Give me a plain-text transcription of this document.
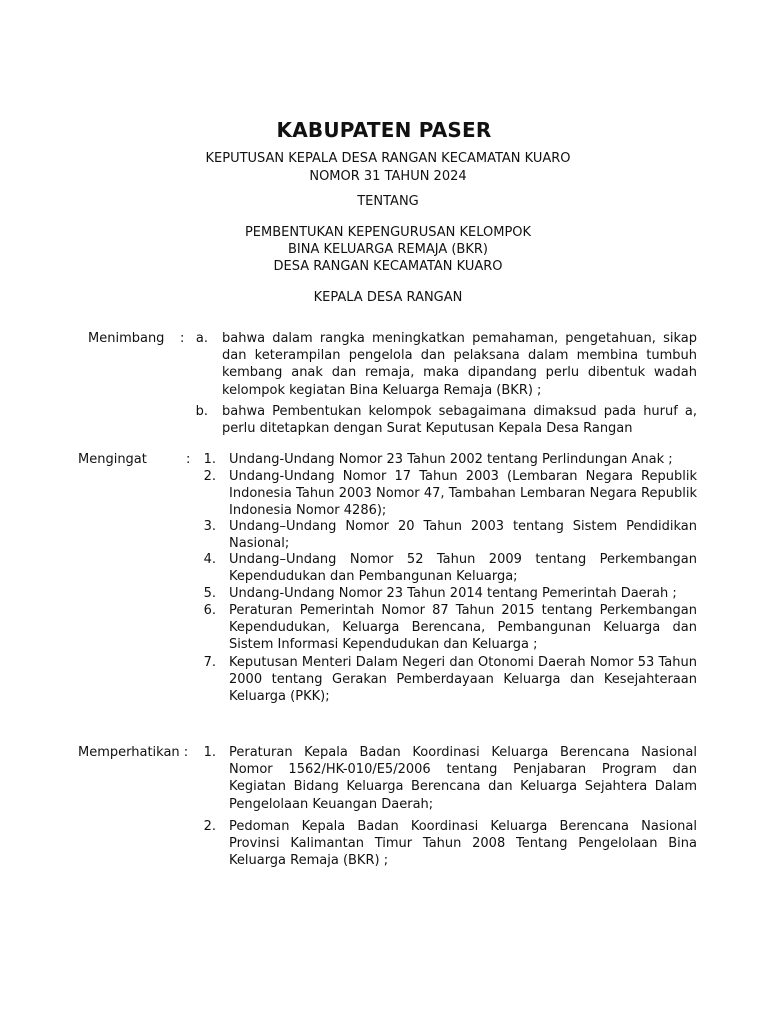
KABUPATEN PASER
KEPUTUSAN KEPALA DESA RANGAN KECAMATAN KUARO
NOMOR 31 TAHUN 2024
TENTANG
PEMBENTUKAN KEPENGURUSAN KELOMPOK
BINA KELUARGA REMAJA (BKR)
DESA RANGAN KECAMATAN KUARO
KEPALA DESA RANGAN
Menimbang : a. bahwa dalam rangka meningkatkan pemahaman, pengetahuan, sikap dan keterampilan pengelola dan pelaksana dalam membina tumbuh kembang anak dan remaja, maka dipandang perlu dibentuk wadah kelompok kegiatan Bina Keluarga Remaja (BKR) ;
b. bahwa Pembentukan kelompok sebagaimana dimaksud pada huruf a, perlu ditetapkan dengan Surat Keputusan Kepala Desa Rangan
Mengingat	:	1. Undang-Undang Nomor 23 Tahun 2002 tentang Perlindungan Anak ;
2. Undang-Undang Nomor 17 Tahun 2003 (Lembaran Negara Republik Indonesia Tahun 2003 Nomor 47, Tambahan Lembaran Negara Republik Indonesia Nomor 4286);
3. Undang–Undang Nomor 20 Tahun 2003 tentang Sistem Pendidikan Nasional;
4. Undang–Undang Nomor 52 Tahun 2009 tentang Perkembangan Kependudukan dan Pembangunan Keluarga;
5. Undang-Undang Nomor 23 Tahun 2014 tentang Pemerintah Daerah ;
6. Peraturan Pemerintah Nomor 87 Tahun 2015 tentang Perkembangan Kependudukan, Keluarga Berencana, Pembangunan Keluarga dan Sistem Informasi Kependudukan dan Keluarga ;
7. Keputusan Menteri Dalam Negeri dan Otonomi Daerah Nomor 53 Tahun 2000 tentang Gerakan Pemberdayaan Keluarga dan Kesejahteraan Keluarga (PKK);
Memperhatikan :	1. Peraturan Kepala Badan Koordinasi Keluarga Berencana Nasional Nomor 1562/HK-010/E5/2006 tentang Penjabaran Program dan Kegiatan Bidang Keluarga Berencana dan Keluarga Sejahtera Dalam Pengelolaan Keuangan Daerah;
2. Pedoman Kepala Badan Koordinasi Keluarga Berencana Nasional Provinsi Kalimantan Timur Tahun 2008 Tentang Pengelolaan Bina Keluarga Remaja (BKR) ;
